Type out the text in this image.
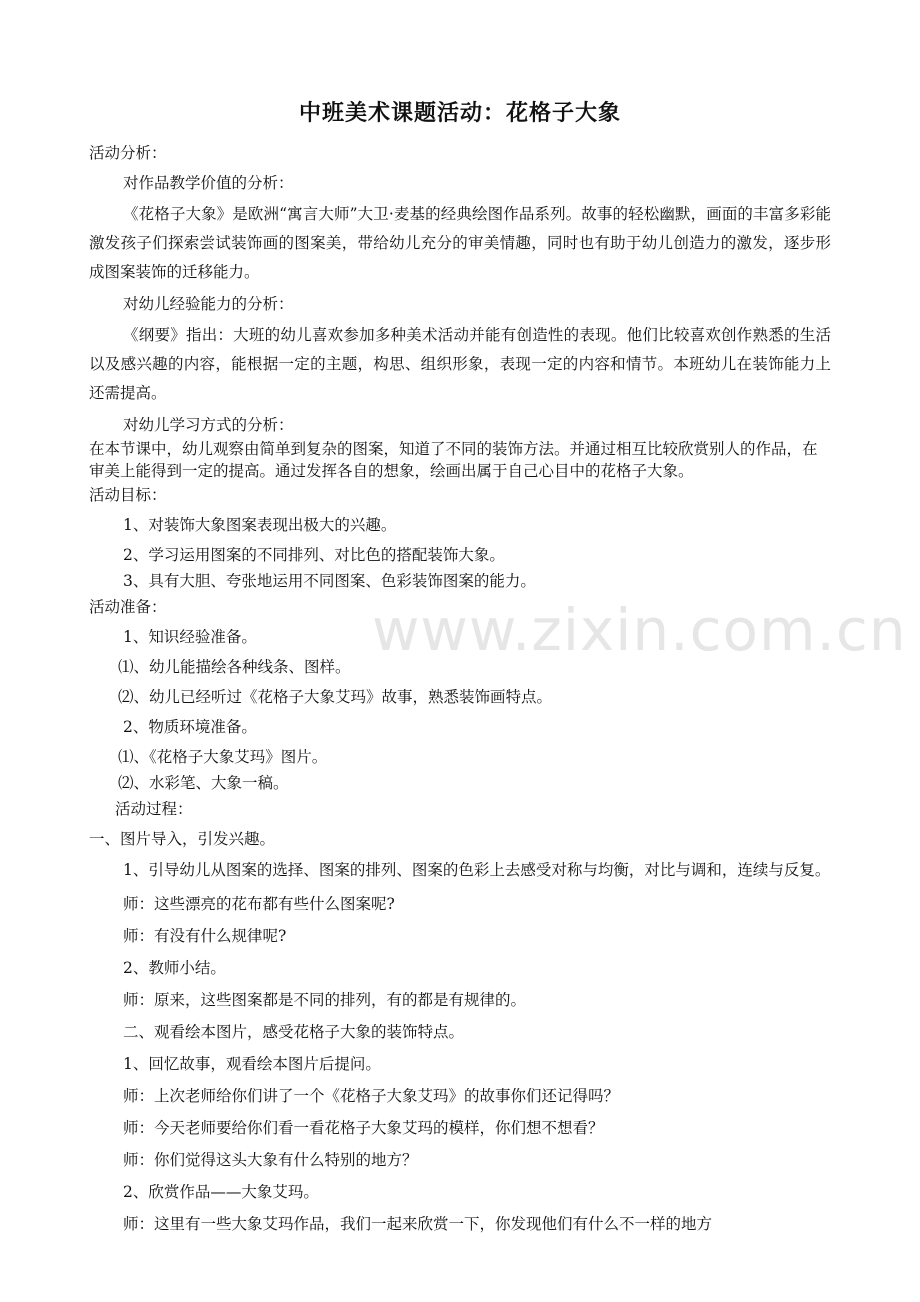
www.zixin.com.cn
中班美术课题活动：花格子大象

活动分析：

对作品教学价值的分析：

《花格子大象》是欧洲“寓言大师”大卫·麦基的经典绘图作品系列。故事的轻松幽默，画面的丰富多彩能激发孩子们探索尝试装饰画的图案美，带给幼儿充分的审美情趣，同时也有助于幼儿创造力的激发，逐步形成图案装饰的迁移能力。

对幼儿经验能力的分析：

《纲要》指出：大班的幼儿喜欢参加多种美术活动并能有创造性的表现。他们比较喜欢创作熟悉的生活以及感兴趣的内容，能根据一定的主题，构思、组织形象，表现一定的内容和情节。本班幼儿在装饰能力上还需提高。

对幼儿学习方式的分析：

在本节课中，幼儿观察由简单到复杂的图案，知道了不同的装饰方法。并通过相互比较欣赏别人的作品，在审美上能得到一定的提高。通过发挥各自的想象，绘画出属于自己心目中的花格子大象。

活动目标：

1、对装饰大象图案表现出极大的兴趣。

2、学习运用图案的不同排列、对比色的搭配装饰大象。

3、具有大胆、夸张地运用不同图案、色彩装饰图案的能力。

活动准备：

1、知识经验准备。

⑴、幼儿能描绘各种线条、图样。

⑵、幼儿已经听过《花格子大象艾玛》故事，熟悉装饰画特点。

2、物质环境准备。

⑴、《花格子大象艾玛》图片。

⑵、水彩笔、大象一稿。

活动过程：

一、图片导入，引发兴趣。

1、引导幼儿从图案的选择、图案的排列、图案的色彩上去感受对称与均衡，对比与调和，连续与反复。

师：这些漂亮的花布都有些什么图案呢?

师：有没有什么规律呢?

2、教师小结。

师：原来，这些图案都是不同的排列，有的都是有规律的。

二、观看绘本图片，感受花格子大象的装饰特点。

1、回忆故事，观看绘本图片后提问。

师：上次老师给你们讲了一个《花格子大象艾玛》的故事你们还记得吗？

师：今天老师要给你们看一看花格子大象艾玛的模样，你们想不想看？

师：你们觉得这头大象有什么特别的地方？

2、欣赏作品——大象艾玛。

师：这里有一些大象艾玛作品，我们一起来欣赏一下，你发现他们有什么不一样的地方
